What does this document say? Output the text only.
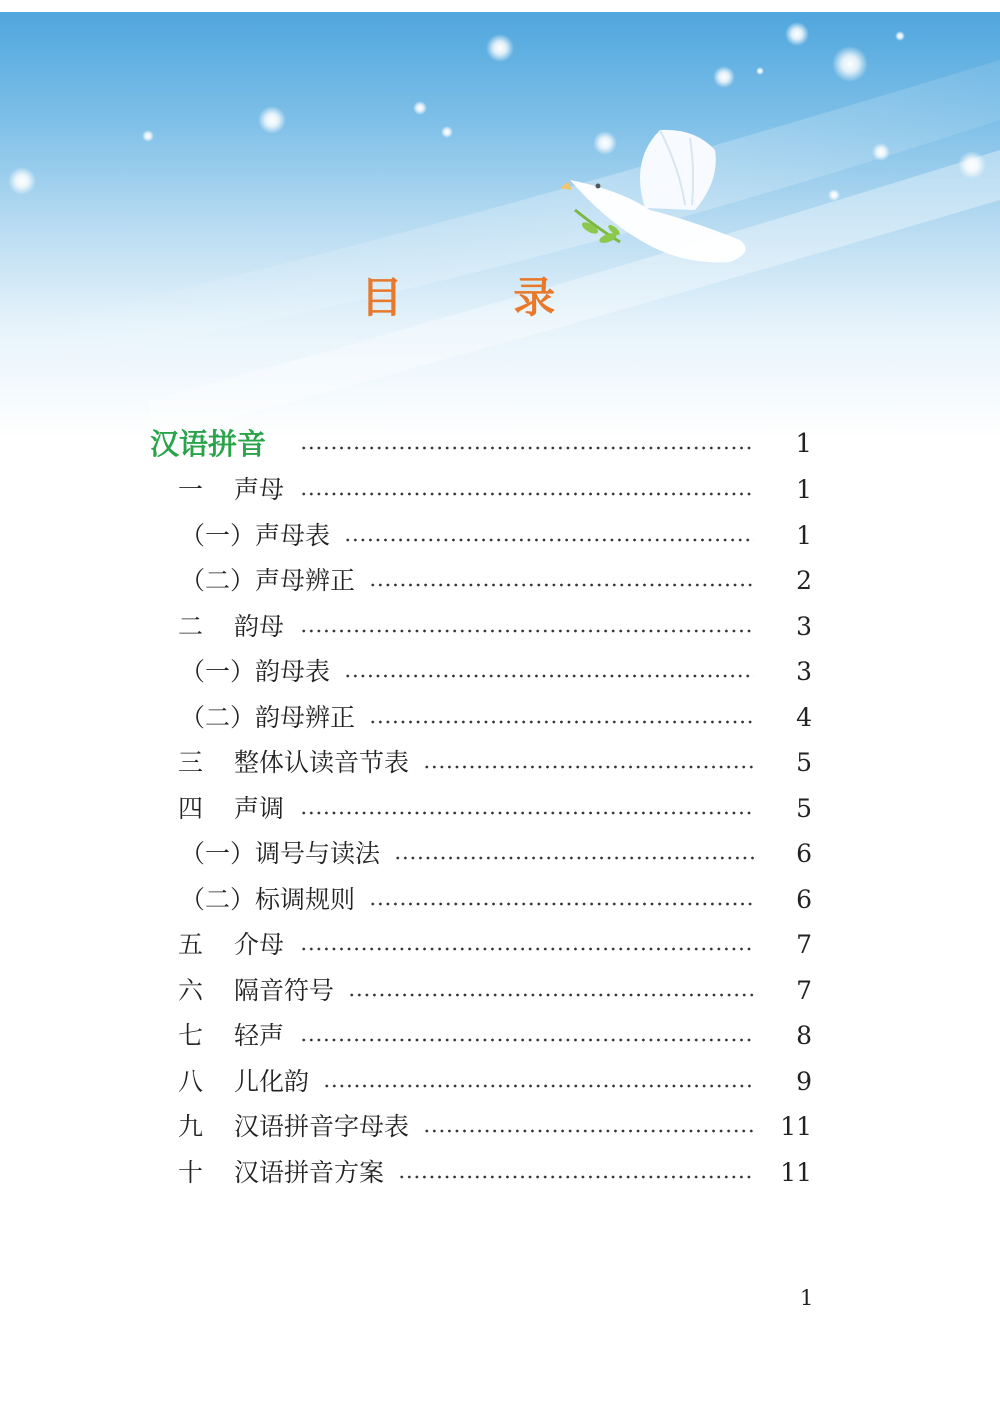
目 录
汉语拼音	1
一 声母	1
（一）声母表	1
（二）声母辨正	2
二 韵母	3
（一）韵母表	3
（二）韵母辨正	4
三 整体认读音节表	5
四 声调	5
（一）调号与读法	6
（二）标调规则	6
五 介母	7
六 隔音符号	7
七 轻声	8
八 儿化韵	9
九 汉语拼音字母表	11
十 汉语拼音方案	11
1
